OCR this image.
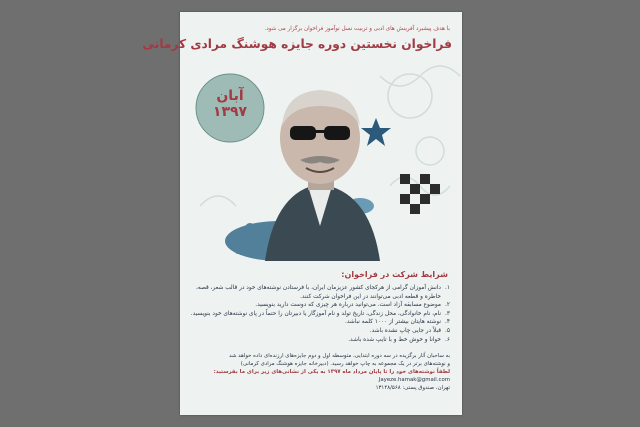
با هدف پیشبرد آفرینش های ادبی و تربیت نسل نوآموز فراخوان برگزار می شود.
فراخوان نخستین دوره جایزه هوشنگ مرادی کرمانی
آبان ۱۳۹۷
شرایط شرکت در فراخوان:
۱.دانش آموزان گرامی از هرکجای کشور عزیزمان ایران، با فرستادن نوشته‌های خود در قالب شعر، قصه،
خاطره و قطعه ادبی می‌توانند در این فراخوان شرکت کنند.
۲.موضوع مسابقه آزاد است. می‌توانید درباره هر چیزی که دوست دارید بنویسید.
۳.نام، نام خانوادگی، محل زندگی، تاریخ تولد و نام آموزگار یا دبیرتان را حتماً در پای نوشته‌های خود بنویسید.
۴.نوشته هایتان بیشتر از ۱۰۰۰ کلمه نباشد.
۵.قبلاً در جایی چاپ نشده باشد.
۶.خوانا و خوش خط و با تایپ شده باشد.

به ساحبان آثار برگزیده در سه دوره ابتدایی، متوسطه اول و دوم جایزه‌های ارزنده‌ای داده خواهد شد

و نوشته‌های برتر در یک مجموعه به چاپ خواهد رسید. (دبیرخانه جایزه هوشنگ مرادی کرمانی)

لطفاً نوشته‌های خود را تا پایان مرداد ماه ۱۳۹۷ به یکی از نشانی‌های زیر برای ما بفرستید:

Jayeze.hamak@gmail.com

تهران، صندوق پستی: ۱۳۱۴۸/۵۶۸
